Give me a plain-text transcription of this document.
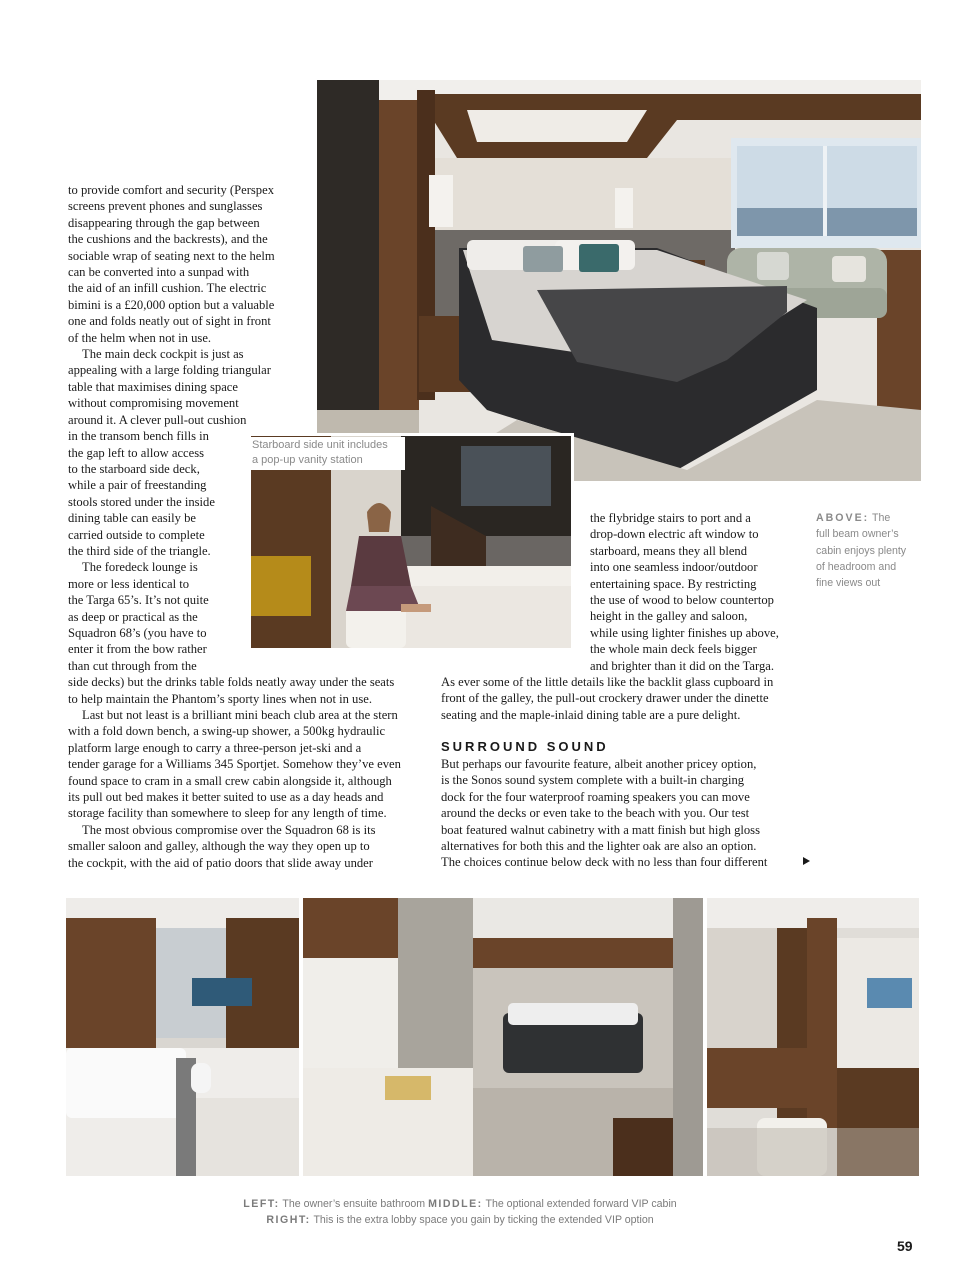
Starboard side unit includes
a pop-up vanity station

to provide comfort and security (Perspex

screens prevent phones and sunglasses

disappearing through the gap between

the cushions and the backrests), and the

sociable wrap of seating next to the helm

can be converted into a sunpad with

the aid of an infill cushion. The electric

bimini is a £20,000 option but a valuable

one and folds neatly out of sight in front

of the helm when not in use.

The main deck cockpit is just as

appealing with a large folding triangular

table that maximises dining space

without compromising movement

around it. A clever pull-out cushion

in the transom bench fills in

the gap left to allow access

to the starboard side deck,

while a pair of freestanding

stools stored under the inside

dining table can easily be

carried outside to complete

the third side of the triangle.

The foredeck lounge is

more or less identical to

the Targa 65’s. It’s not quite

as deep or practical as the

Squadron 68’s (you have to

enter it from the bow rather

than cut through from the

side decks) but the drinks table folds neatly away under the seats

to help maintain the Phantom’s sporty lines when not in use.

Last but not least is a brilliant mini beach club area at the stern

with a fold down bench, a swing-up shower, a 500kg hydraulic

platform large enough to carry a three-person jet-ski and a

tender garage for a Williams 345 Sportjet. Somehow they’ve even

found space to cram in a small crew cabin alongside it, although

its pull out bed makes it better suited to use as a day heads and

storage facility than somewhere to sleep for any length of time.

The most obvious compromise over the Squadron 68 is its

smaller saloon and galley, although the way they open up to

the cockpit, with the aid of patio doors that slide away under

the flybridge stairs to port and a

drop-down electric aft window to

starboard, means they all blend

into one seamless indoor/outdoor

entertaining space. By restricting

the use of wood to below countertop

height in the galley and saloon,

while using lighter finishes up above,

the whole main deck feels bigger

and brighter than it did on the Targa.

As ever some of the little details like the backlit glass cupboard in

front of the galley, the pull-out crockery drawer under the dinette

seating and the maple-inlaid dining table are a pure delight.

SURROUND SOUND

But perhaps our favourite feature, albeit another pricey option,

is the Sonos sound system complete with a built-in charging

dock for the four waterproof roaming speakers you can move

around the decks or even take to the beach with you. Our test

boat featured walnut cabinetry with a matt finish but high gloss

alternatives for both this and the lighter oak are also an option.

The choices continue below deck with no less than four different

ABOVE: The
full beam owner’s
cabin enjoys plenty
of headroom and
fine views out
LEFT: The owner’s ensuite bathroom MIDDLE: The optional extended forward VIP cabin
RIGHT: This is the extra lobby space you gain by ticking the extended VIP option
59
